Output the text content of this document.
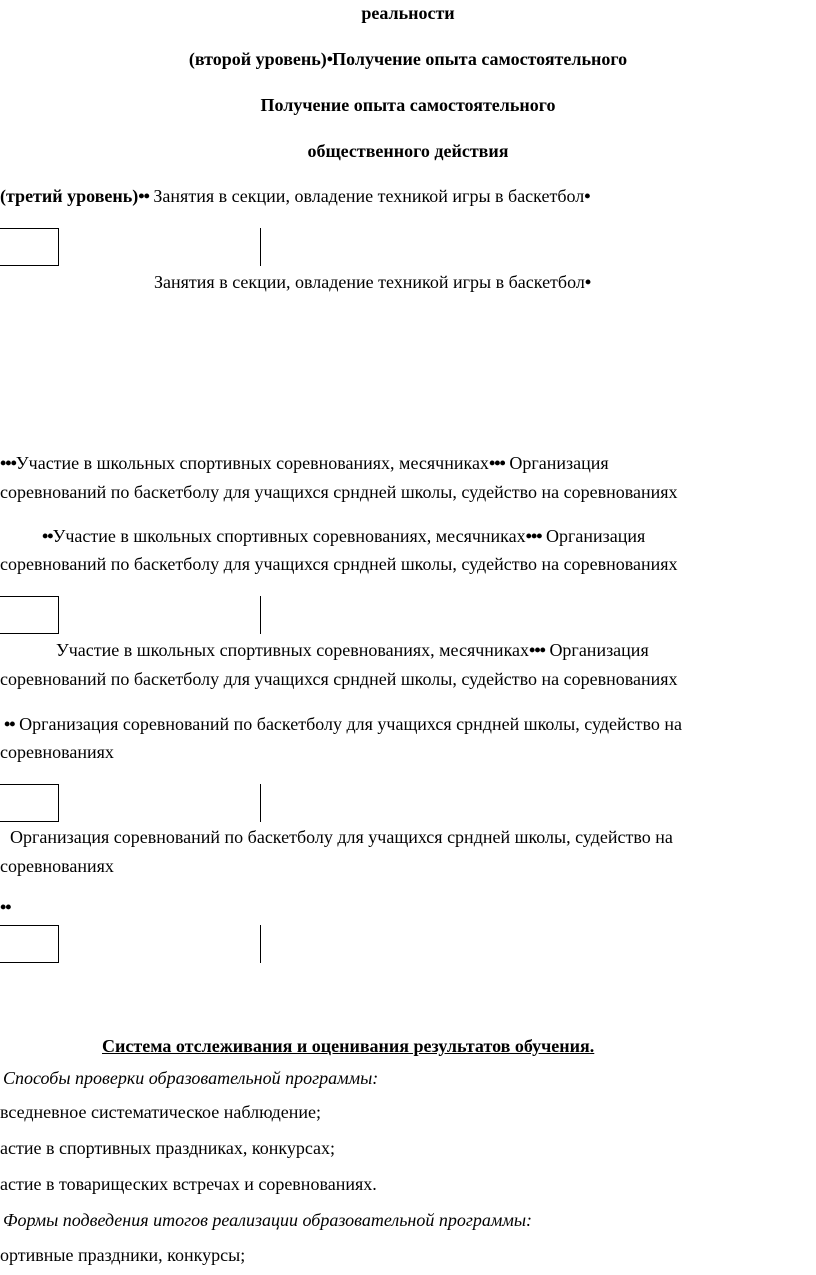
реальности
(второй уровень)•Получение опыта самостоятельного
Получение опыта самостоятельного
общественного действия
(третий уровень)•• Занятия в секции, овладение техникой игры в баскетбол•
Занятия в секции, овладение техникой игры в баскетбол•
•••Участие в школьных спортивных соревнованиях, месячниках••• Организация
соревнований по баскетболу для учащихся срндней школы, судейство на соревнованиях
••Участие в школьных спортивных соревнованиях, месячниках••• Организация
соревнований по баскетболу для учащихся срндней школы, судейство на соревнованиях
Участие в школьных спортивных соревнованиях, месячниках••• Организация
соревнований по баскетболу для учащихся срндней школы, судейство на соревнованиях
•• Организация соревнований по баскетболу для учащихся срндней школы, судейство на
соревнованиях
Организация соревнований по баскетболу для учащихся срндней школы, судейство на
соревнованиях
••
Система отслеживания и оценивания результатов обучения.
Способы проверки образовательной программы:
вседневное систематическое наблюдение;
астие в спортивных праздниках, конкурсах;
астие в товарищеских встречах и соревнованиях.
Формы подведения итогов реализации образовательной программы:
ортивные праздники, конкурсы;
